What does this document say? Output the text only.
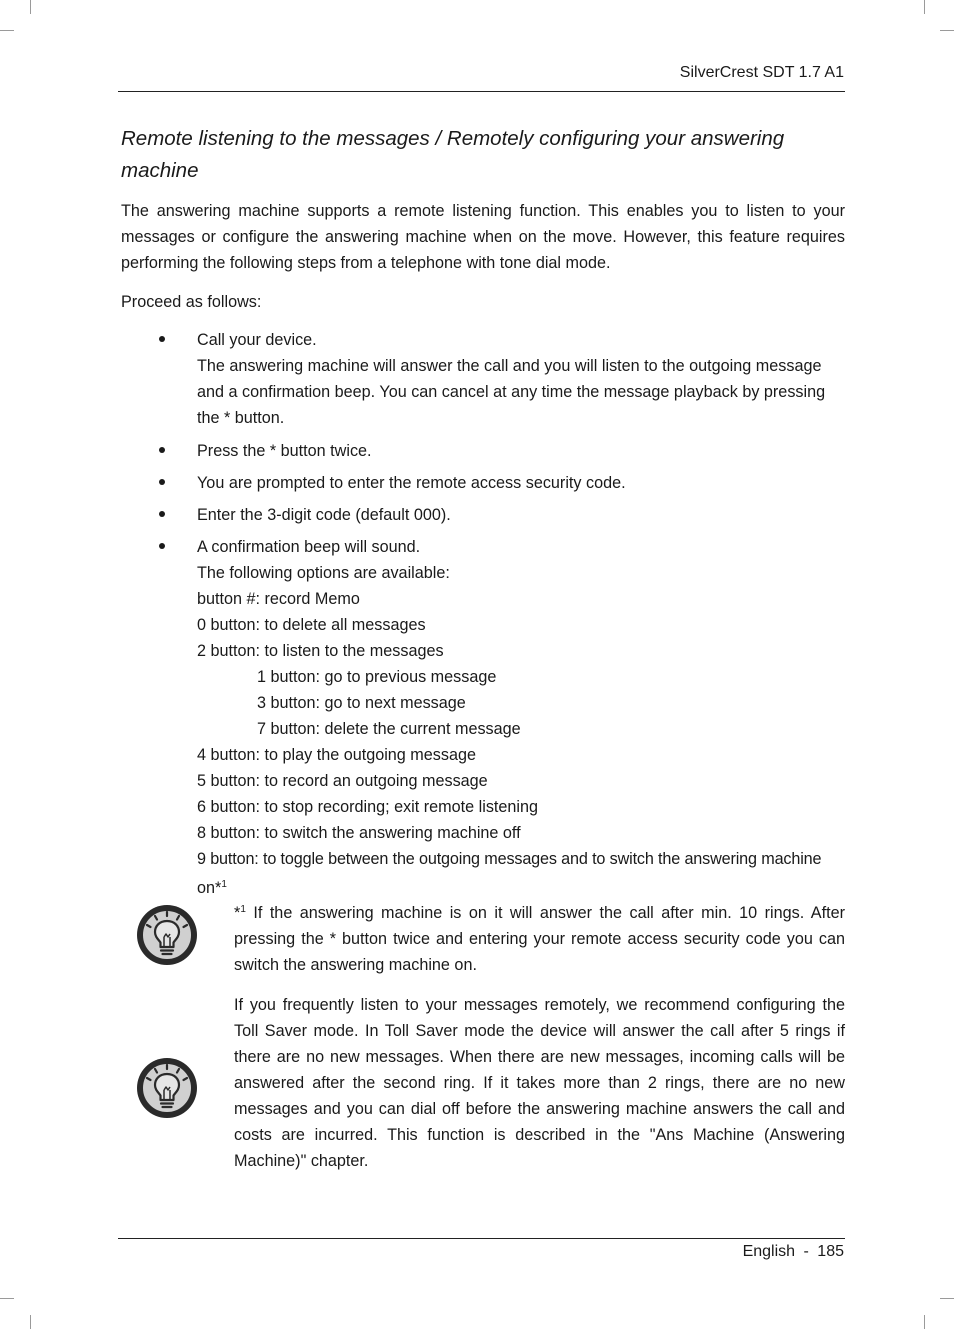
SilverCrest SDT 1.7 A1
Remote listening to the messages / Remotely configuring your answering machine

The answering machine supports a remote listening function. This enables you to listen to your messages or configure the answering machine when on the move. However, this feature requires performing the following steps from a telephone with tone dial mode.

Proceed as follows:

Call your device.
The answering machine will answer the call and you will listen to the outgoing message and a confirmation beep. You can cancel at any time the message playback by pressing the * button.
Press the * button twice.
You are prompted to enter the remote access security code.
Enter the 3-digit code (default 000).
A confirmation beep will sound.
The following options are available:
button #: record Memo
0 button: to delete all messages
2 button: to listen to the messages
1 button: go to previous message
3 button: go to next message
7 button: delete the current message
4 button: to play the outgoing message
5 button: to record an outgoing message
6 button: to stop recording; exit remote listening
8 button: to switch the answering machine off
9 button: to toggle between the outgoing messages and to switch the answering machine
on*$^1$

*$^1$ If the answering machine is on it will answer the call after min. 10 rings. After pressing the * button twice and entering your remote access security code you can switch the answering machine on.

If you frequently listen to your messages remotely, we recommend configuring the Toll Saver mode. In Toll Saver mode the device will answer the call after 5 rings if there are no new messages. When there are new messages, incoming calls will be answered after the second ring. If it takes more than 2 rings, there are no new messages and you can dial off before the answering machine answers the call and costs are incurred. This function is described in the "Ans Machine (Answering Machine)" chapter.

English - 185
